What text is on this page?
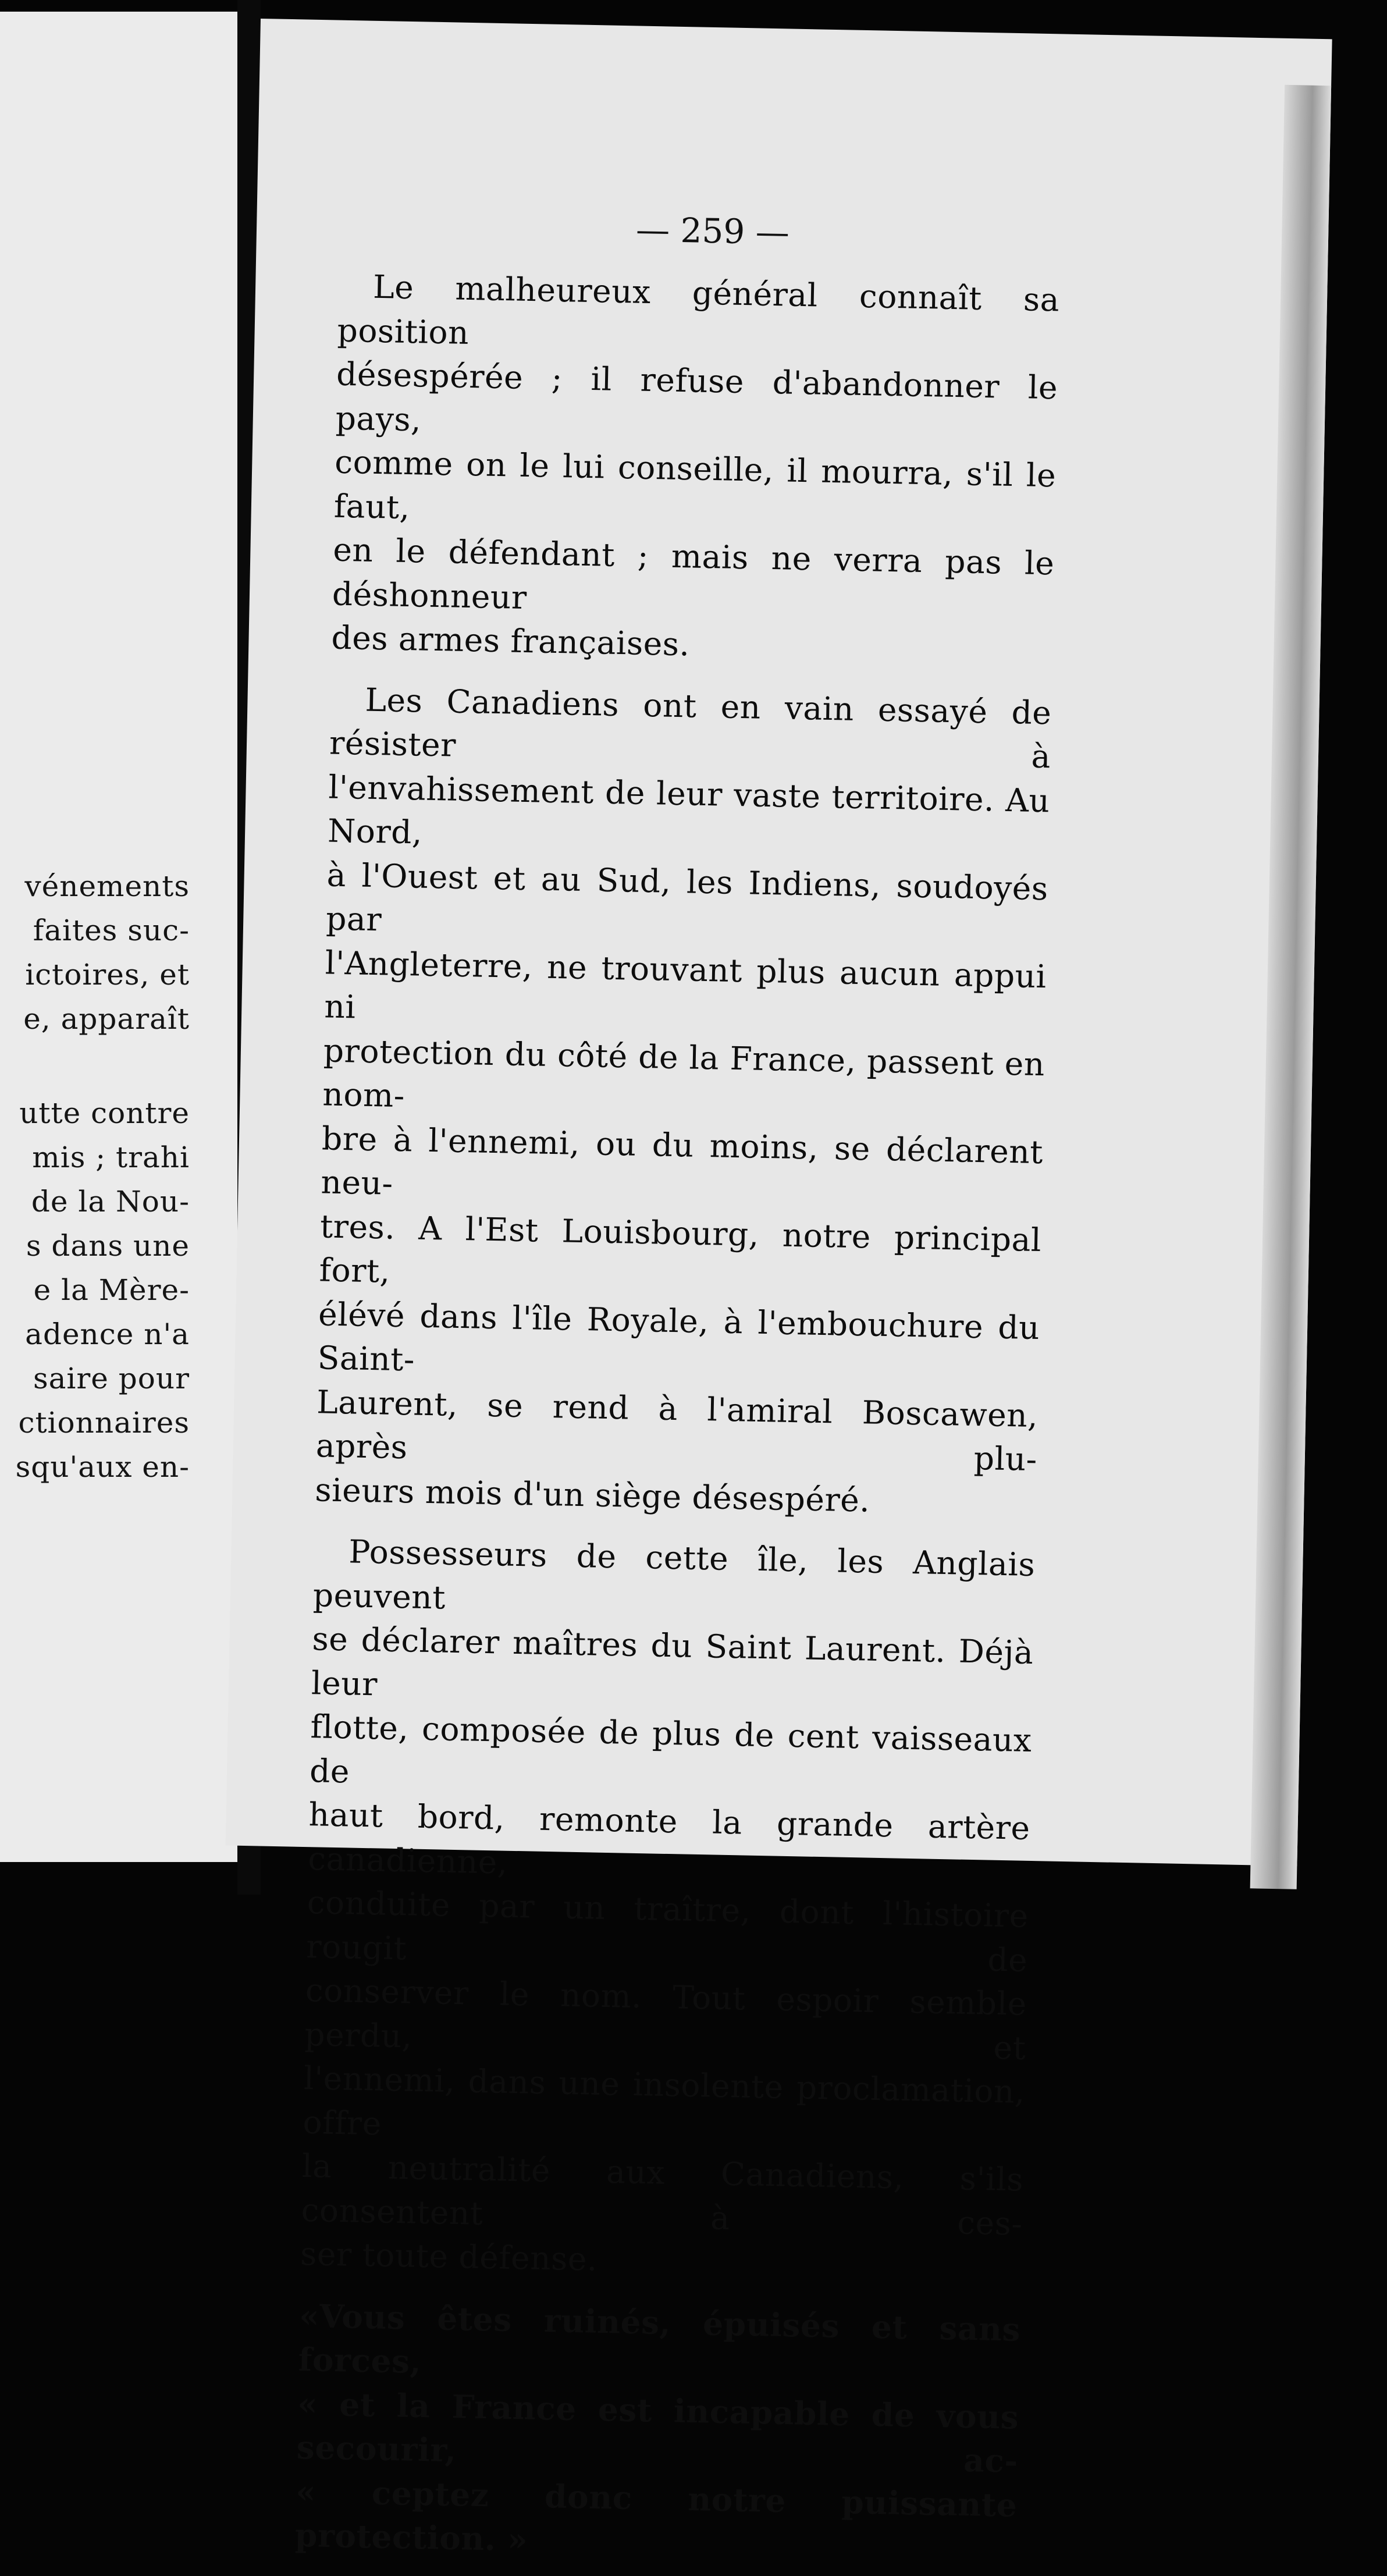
vénements
faites suc-
ictoires, et
e, apparaît
utte contre
mis ; trahi
de la Nou-
s dans une
e la Mère-
adence n'a
saire pour
ctionnaires
squ'aux en-
— 259 —

Le malheureux général connaît sa position
désespérée ; il refuse d'abandonner le pays,
comme on le lui conseille, il mourra, s'il le faut,
en le défendant ; mais ne verra pas le déshonneur
des armes françaises.

Les Canadiens ont en vain essayé de résister à
l'envahissement de leur vaste territoire. Au Nord,
à l'Ouest et au Sud, les Indiens, soudoyés par
l'Angleterre, ne trouvant plus aucun appui ni
protection du côté de la France, passent en nom-
bre à l'ennemi, ou du moins, se déclarent neu-
tres. A l'Est Louisbourg, notre principal fort,
élévé dans l'île Royale, à l'embouchure du Saint-
Laurent, se rend à l'amiral Boscawen, après plu-
sieurs mois d'un siège désespéré.

Possesseurs de cette île, les Anglais peuvent
se déclarer maîtres du Saint Laurent. Déjà leur
flotte, composée de plus de cent vaisseaux de
haut bord, remonte la grande artère canadienne,
conduite par un traître, dont l'histoire rougit de
conserver le nom. Tout espoir semble perdu, et
l'ennemi, dans une insolente proclamation, offre
la neutralité aux Canadiens, s'ils consentent à ces-
ser toute défense.

«Vous êtes ruinés, épuisés et sans forces,
« et la France est incapable de vous secourir, ac-
« ceptez donc notre puissante protection. »
